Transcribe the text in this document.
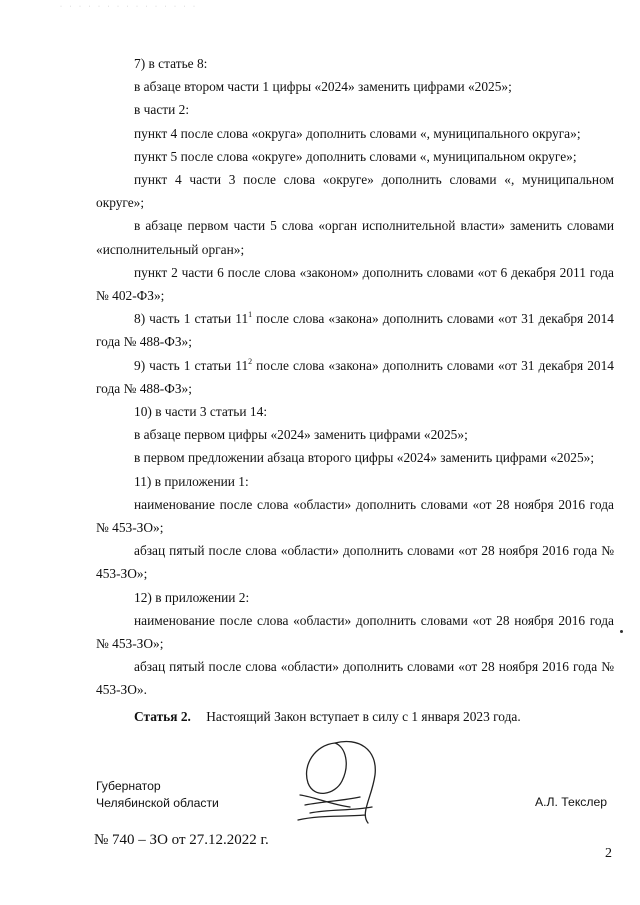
· · · · · · · · · · · · · · ·

7) в статье 8:

в абзаце втором части 1 цифры «2024» заменить цифрами «2025»;

в части 2:

пункт 4 после слова «округа» дополнить словами «, муниципального округа»;

пункт 5 после слова «округе» дополнить словами «, муниципальном округе»;

пункт 4 части 3 после слова «округе» дополнить словами «, муниципальном округе»;

в абзаце первом части 5 слова «орган исполнительной власти» заменить словами «исполнительный орган»;

пункт 2 части 6 после слова «законом» дополнить словами «от 6 декабря 2011 года № 402-ФЗ»;

8) часть 1 статьи $11^1$ после слова «закона» дополнить словами «от 31 декабря 2014 года № 488-ФЗ»;

9) часть 1 статьи $11^2$ после слова «закона» дополнить словами «от 31 декабря 2014 года № 488-ФЗ»;

10) в части 3 статьи 14:

в абзаце первом цифры «2024» заменить цифрами «2025»;

в первом предложении абзаца второго цифры «2024» заменить цифрами «2025»;

11) в приложении 1:

наименование после слова «области» дополнить словами «от 28 ноября 2016 года № 453-ЗО»;

абзац пятый после слова «области» дополнить словами «от 28 ноября 2016 года № 453-ЗО»;

12) в приложении 2:

наименование после слова «области» дополнить словами «от 28 ноября 2016 года № 453-ЗО»;

абзац пятый после слова «области» дополнить словами «от 28 ноября 2016 года № 453-ЗО».

Статья 2. Настоящий Закон вступает в силу с 1 января 2023 года.
Губернатор
Челябинской области	А.Л. Текслер
№ 740 – ЗО от 27.12.2022 г.
2
